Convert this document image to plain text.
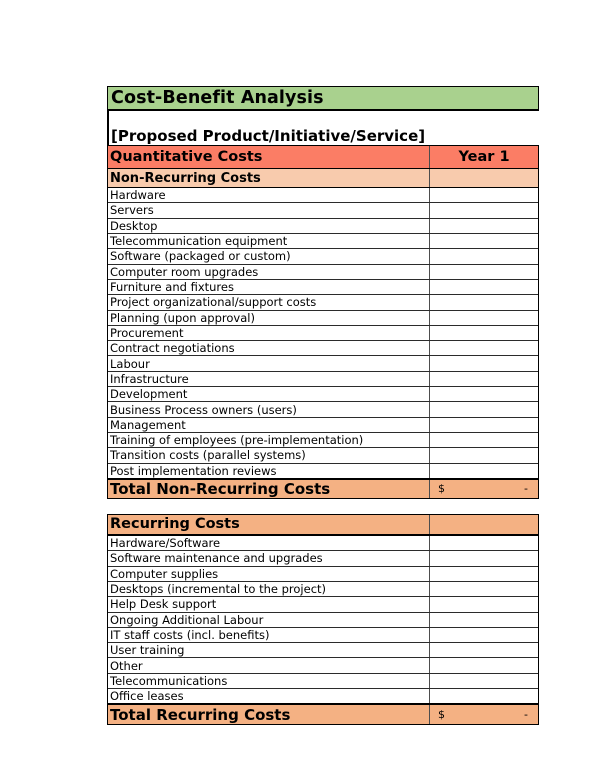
Cost-Benefit Analysis
[Proposed Product/Initiative/Service]
Quantitative Costs	Year 1
Non-Recurring Costs
Hardware
Servers
Desktop
Telecommunication equipment
Software (packaged or custom)
Computer room upgrades
Furniture and fixtures
Project organizational/support costs
Planning (upon approval)
Procurement
Contract negotiations
Labour
Infrastructure
Development
Business Process owners (users)
Management
Training of employees (pre-implementation)
Transition costs (parallel systems)
Post implementation reviews
Total Non-Recurring Costs	$	-
Recurring Costs
Hardware/Software
Software maintenance and upgrades
Computer supplies
Desktops (incremental to the project)
Help Desk support
Ongoing Additional Labour
IT staff costs (incl. benefits)
User training
Other
Telecommunications
Office leases
Total Recurring Costs	$	-
